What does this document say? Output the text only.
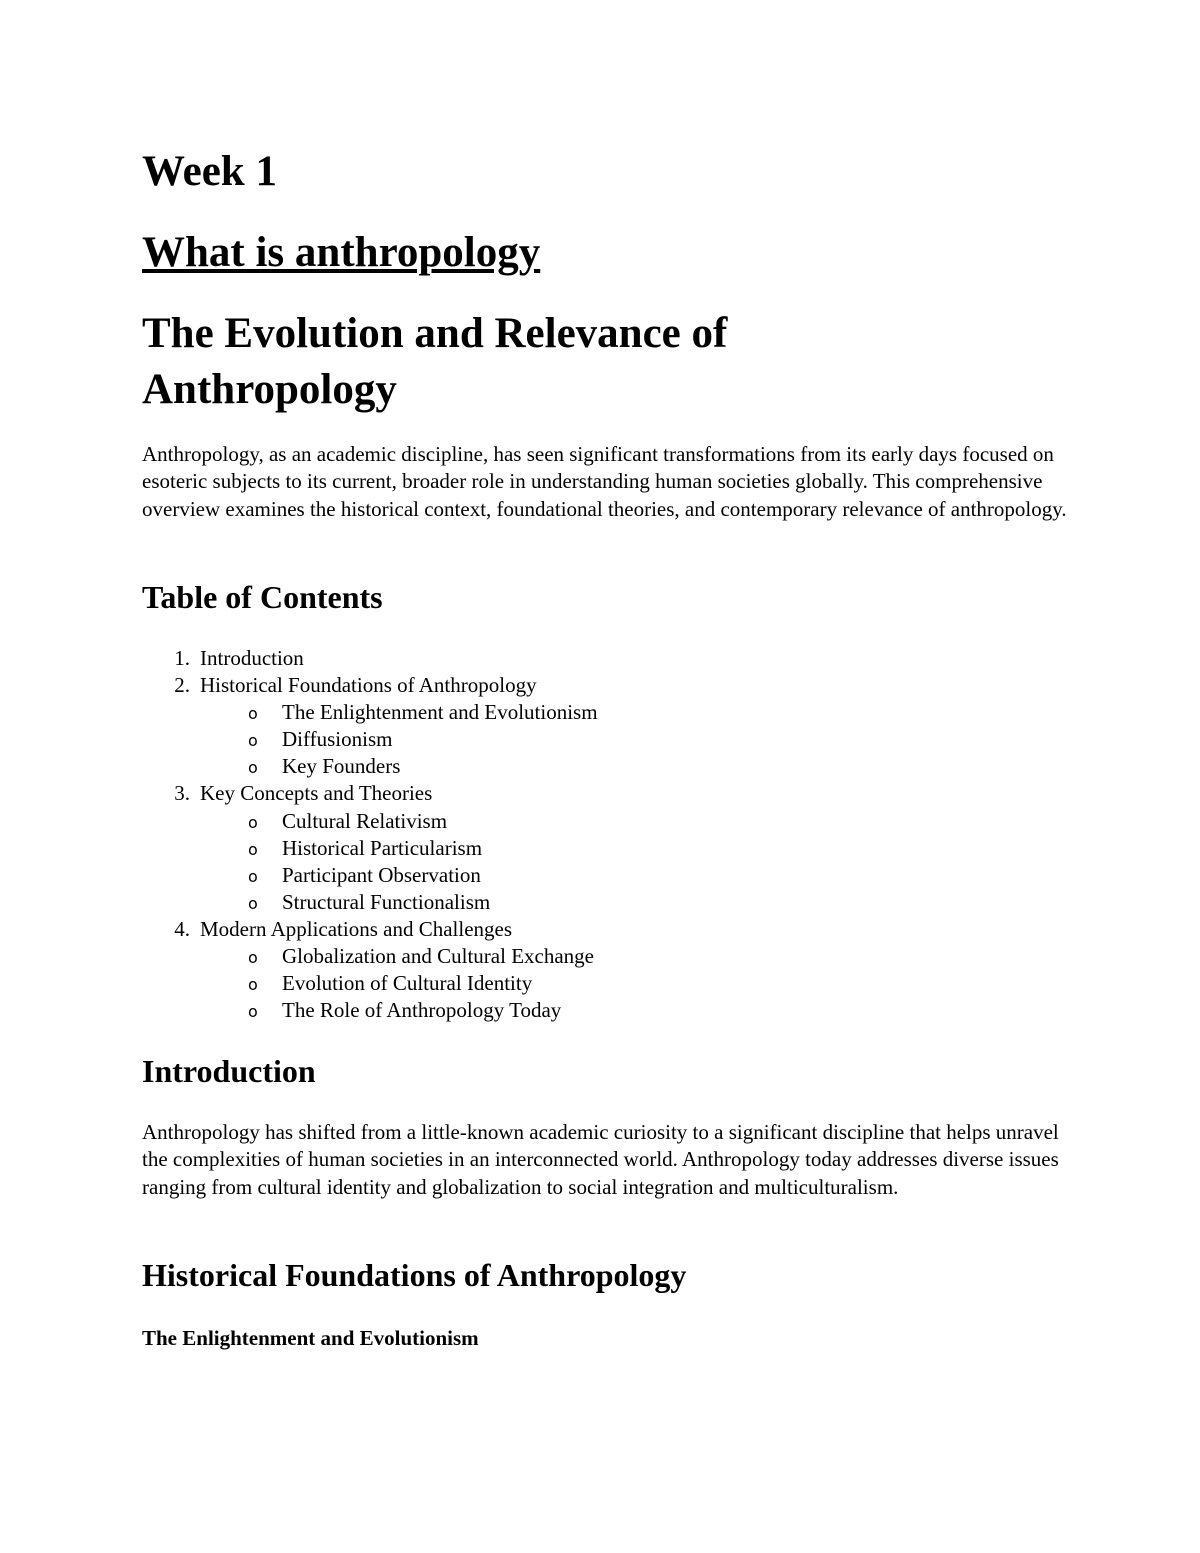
Week 1
What is anthropology
The Evolution and Relevance of Anthropology

Anthropology, as an academic discipline, has seen significant transformations from its early days focused on esoteric subjects to its current, broader role in understanding human societies globally. This comprehensive overview examines the historical context, foundational theories, and contemporary relevance of anthropology.

Table of Contents
1. Introduction
2. Historical Foundations of Anthropology
o The Enlightenment and Evolutionism
o Diffusionism
o Key Founders
3. Key Concepts and Theories
o Cultural Relativism
o Historical Particularism
o Participant Observation
o Structural Functionalism
4. Modern Applications and Challenges
o Globalization and Cultural Exchange
o Evolution of Cultural Identity
o The Role of Anthropology Today
Introduction

Anthropology has shifted from a little-known academic curiosity to a significant discipline that helps unravel the complexities of human societies in an interconnected world. Anthropology today addresses diverse issues ranging from cultural identity and globalization to social integration and multiculturalism.

Historical Foundations of Anthropology
The Enlightenment and Evolutionism
